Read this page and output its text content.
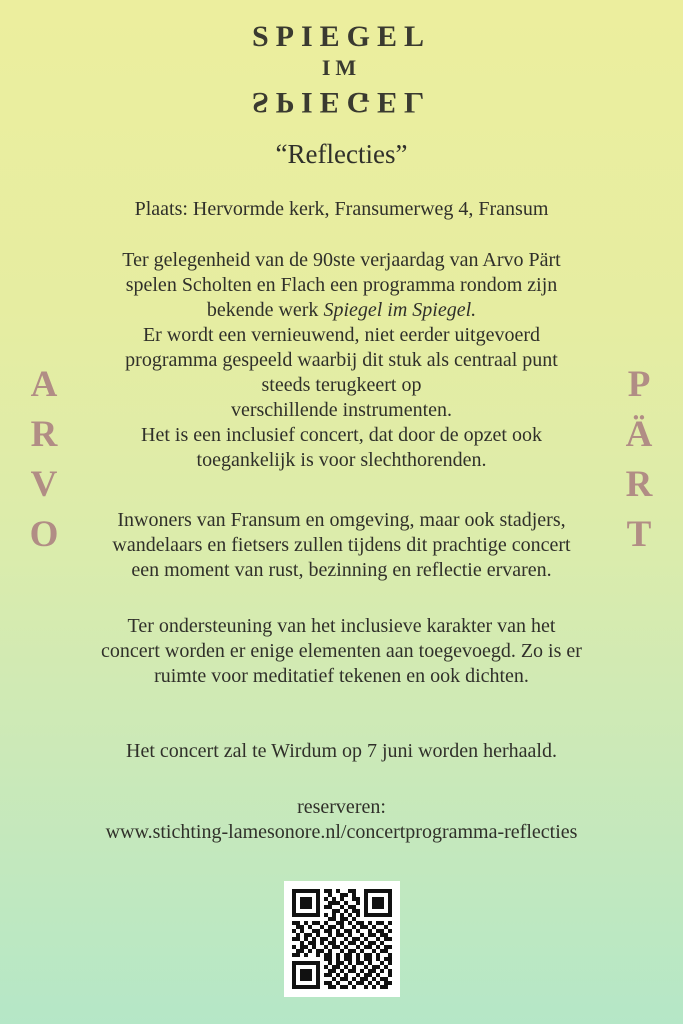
A
R
V
O
P
Ä
R
T
SPIEGEL
IM
SPIEGEL
“Reflecties”
Plaats: Hervormde kerk, Fransumerweg 4, Fransum
Ter gelegenheid van de 90ste verjaardag van Arvo Pärt
spelen Scholten en Flach een programma rondom zijn
bekende werk Spiegel im Spiegel.
Er wordt een vernieuwend, niet eerder uitgevoerd
programma gespeeld waarbij dit stuk als centraal punt
steeds terugkeert op
verschillende instrumenten.
Het is een inclusief concert, dat door de opzet ook
toegankelijk is voor slechthorenden.
Inwoners van Fransum en omgeving, maar ook stadjers,
wandelaars en fietsers zullen tijdens dit prachtige concert
een moment van rust, bezinning en reflectie ervaren.
Ter ondersteuning van het inclusieve karakter van het
concert worden er enige elementen aan toegevoegd. Zo is er
ruimte voor meditatief tekenen en ook dichten.
Het concert zal te Wirdum op 7 juni worden herhaald.
reserveren:
www.stichting-lamesonore.nl/concertprogramma-reflecties
